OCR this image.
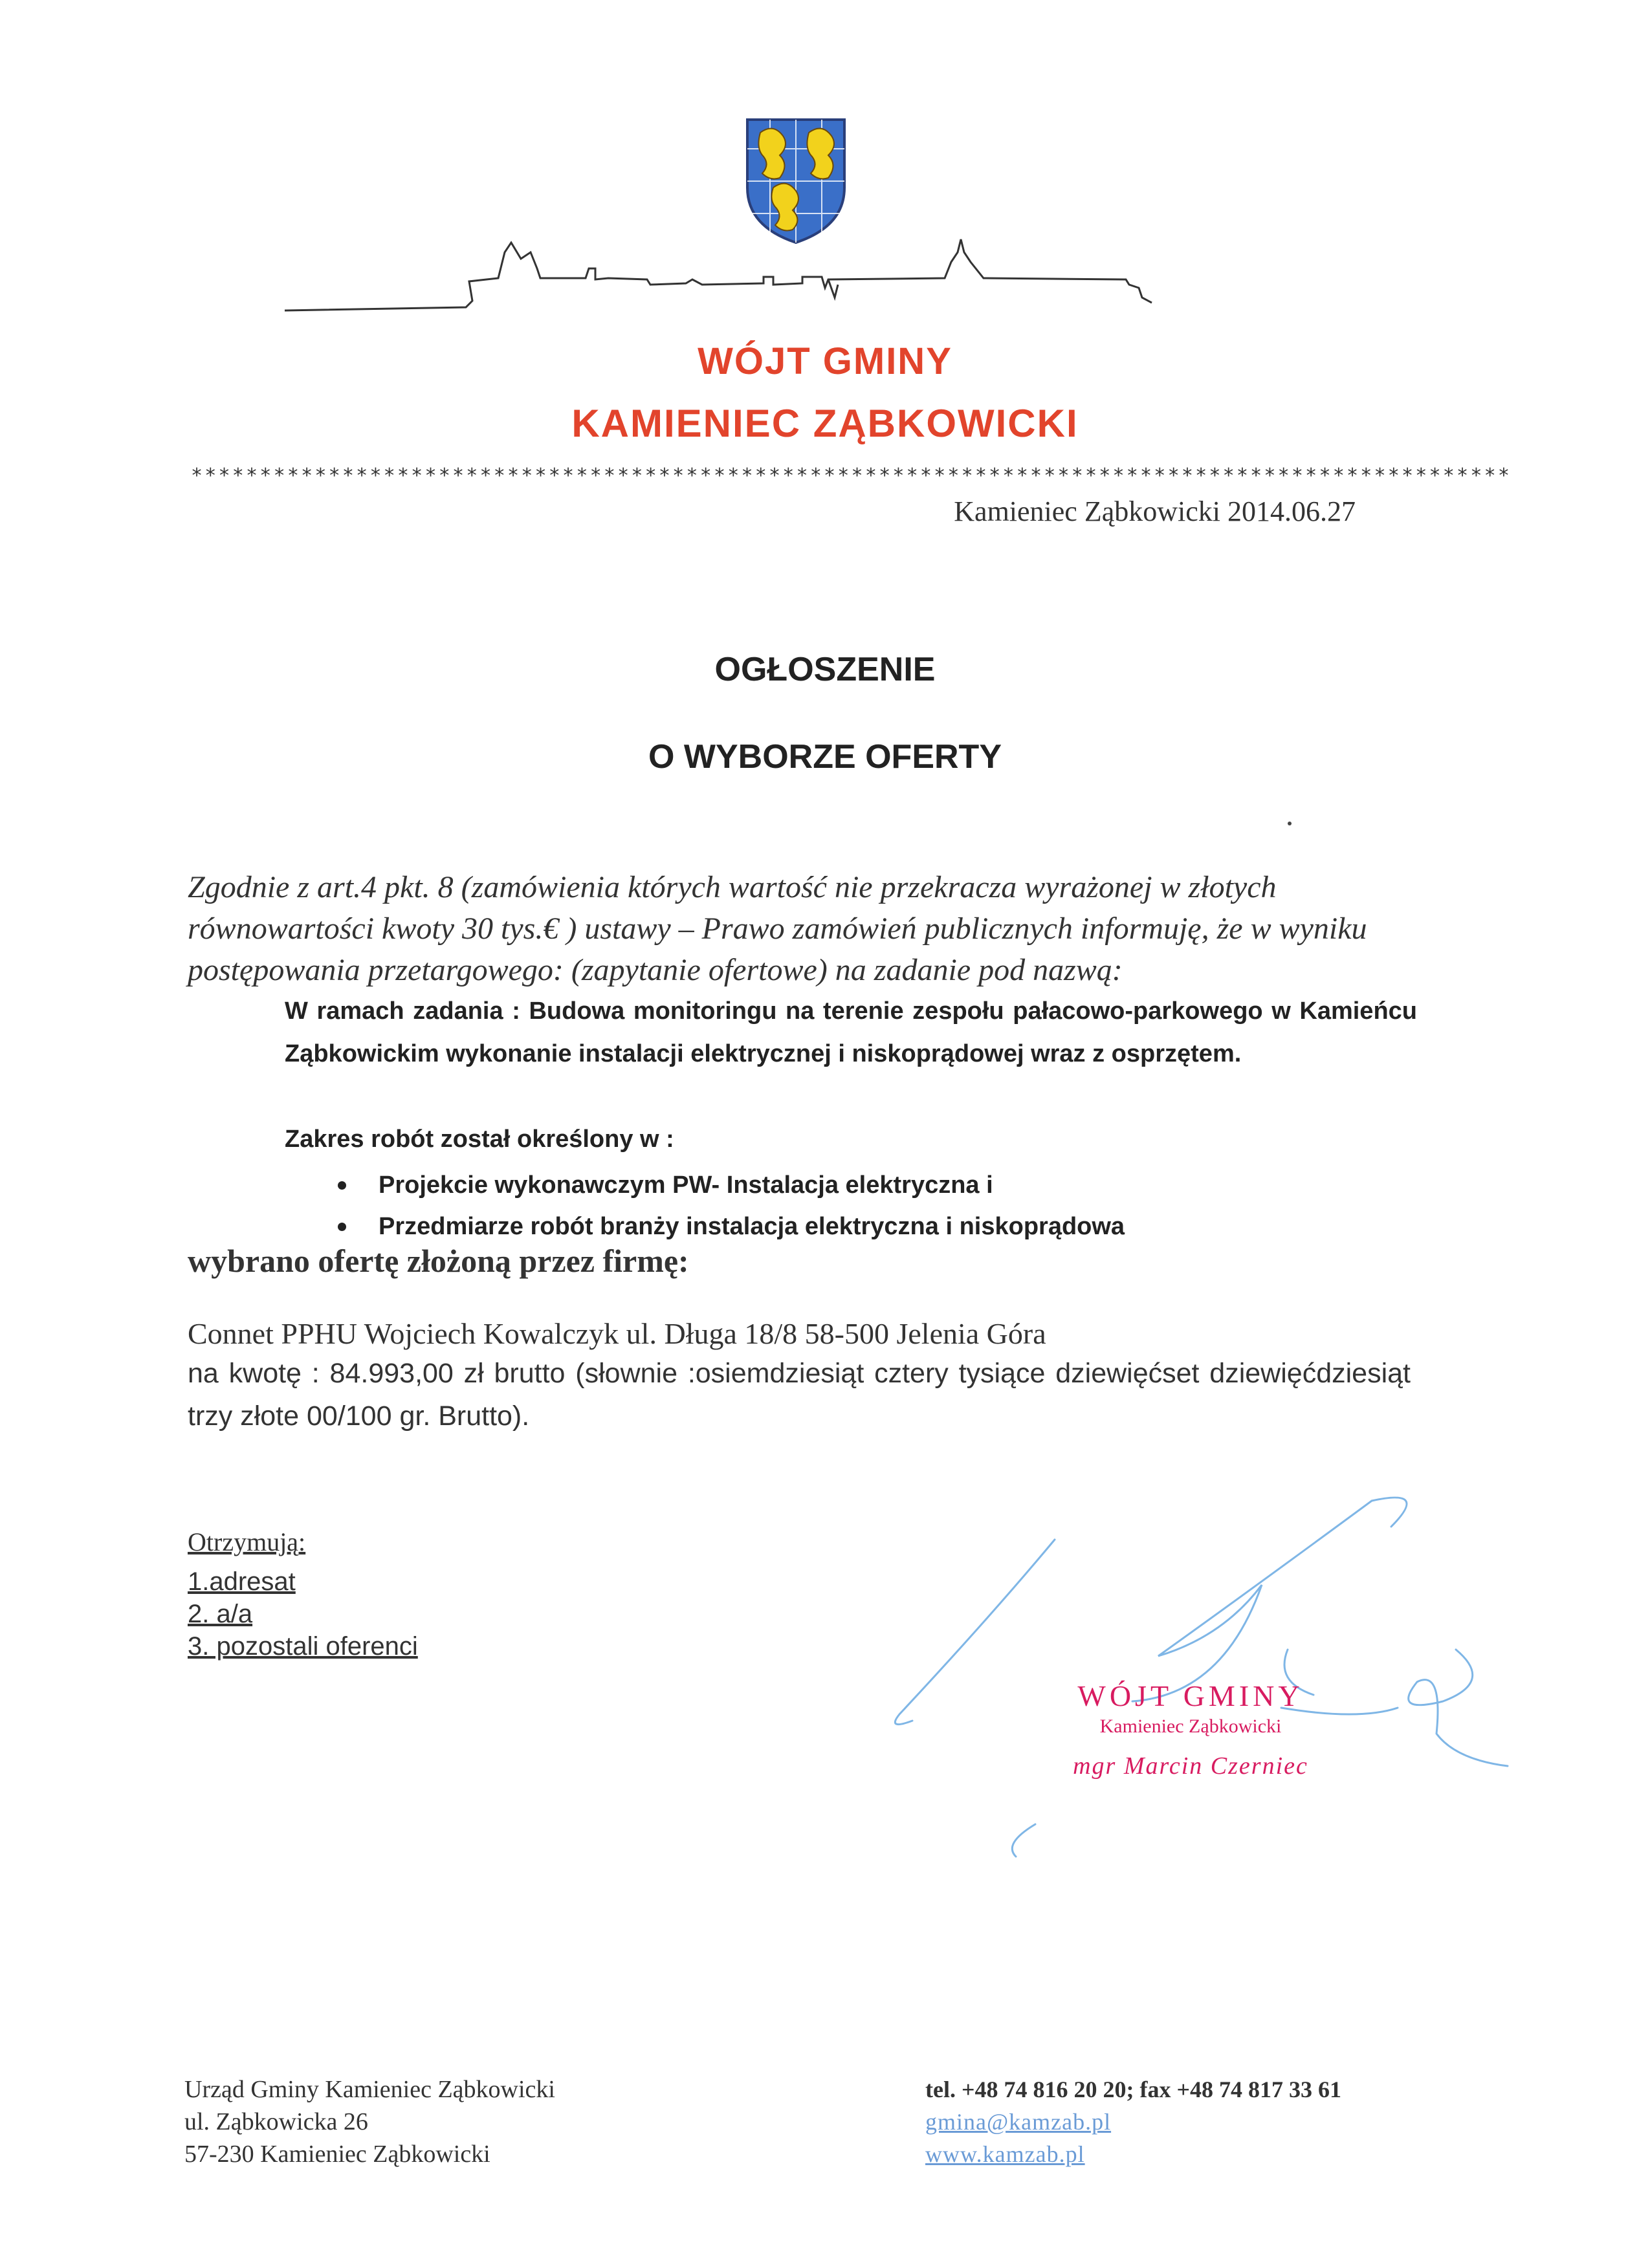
WÓJT GMINY
KAMIENIEC ZĄBKOWICKI
************************************************************************************************
Kamieniec Ząbkowicki 2014.06.27
OGŁOSZENIE
O WYBORZE OFERTY
Zgodnie z art.4 pkt. 8 (zamówienia których wartość nie przekracza wyrażonej w złotych równowartości kwoty 30 tys.€ ) ustawy – Prawo zamówień publicznych informuję, że w wyniku postępowania przetargowego: (zapytanie ofertowe) na zadanie pod nazwą:
W ramach zadania : Budowa monitoringu na terenie zespołu pałacowo-parkowego w Kamieńcu Ząbkowickim wykonanie instalacji elektrycznej i niskoprądowej wraz z osprzętem.
Zakres robót został określony w :
Projekcie wykonawczym PW- Instalacja elektryczna i
Przedmiarze robót branży instalacja elektryczna i niskoprądowa
wybrano ofertę złożoną przez firmę:
Connet PPHU Wojciech Kowalczyk ul. Długa 18/8 58-500 Jelenia Góra
na kwotę : 84.993,00 zł brutto (słownie :osiemdziesiąt cztery tysiące dziewięćset dziewięćdziesiąt trzy złote 00/100 gr. Brutto).
Otrzymują:
1.adresat
2. a/a
3. pozostali oferenci
WÓJT GMINY
Kamieniec Ząbkowicki
mgr Marcin Czerniec
Urząd Gminy Kamieniec Ząbkowicki
ul. Ząbkowicka 26
57-230 Kamieniec Ząbkowicki
tel. +48 74 816 20 20; fax +48 74 817 33 61
gmina@kamzab.pl
www.kamzab.pl
